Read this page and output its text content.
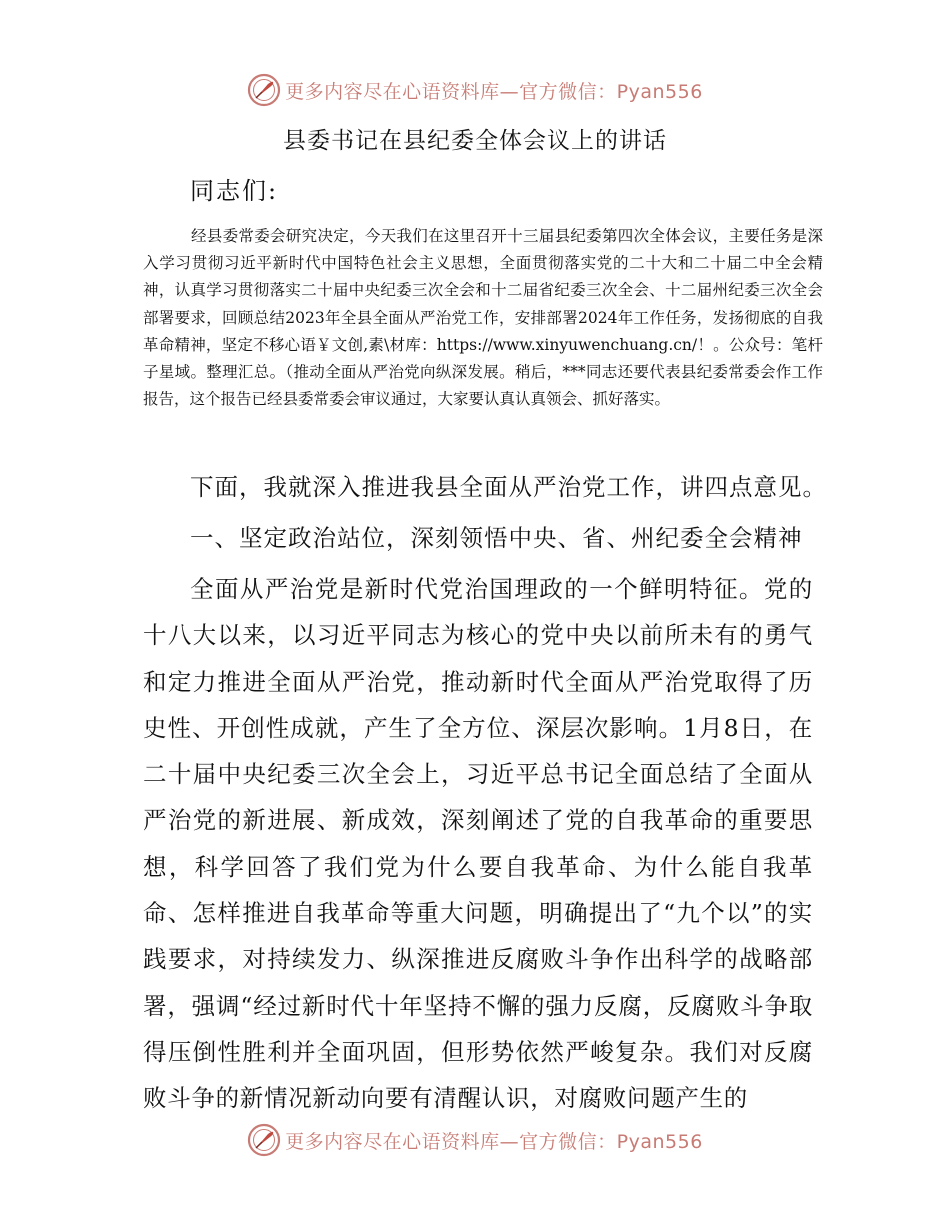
更多内容尽在心语资料库—官方微信：Pyan556
县委书记在县纪委全体会议上的讲话
同志们:

经县委常委会研究决定，今天我们在这里召开十三届县纪委第四次全体会议，主要任务是深入学习贯彻习近平新时代中国特色社会主义思想，全面贯彻落实党的二十大和二十届二中全会精神，认真学习贯彻落实二十届中央纪委三次全会和十二届省纪委三次全会、十二届州纪委三次全会部署要求，回顾总结2023年全县全面从严治党工作，安排部署2024年工作任务，发扬彻底的自我革命精神，坚定不移心语￥文创,素\材库：https://www.xinyuwenchuang.cn/！。公众号：笔杆子星域。整理汇总。（推动全面从严治党向纵深发展。稍后，***同志还要代表县纪委常委会作工作报告，这个报告已经县委常委会审议通过，大家要认真认真领会、抓好落实。

下面，我就深入推进我县全面从严治党工作，讲四点意见。

一、坚定政治站位，深刻领悟中央、省、州纪委全会精神

全面从严治党是新时代党治国理政的一个鲜明特征。党的十八大以来，以习近平同志为核心的党中央以前所未有的勇气和定力推进全面从严治党，推动新时代全面从严治党取得了历史性、开创性成就，产生了全方位、深层次影响。1月8日，在二十届中央纪委三次全会上，习近平总书记全面总结了全面从严治党的新进展、新成效，深刻阐述了党的自我革命的重要思想，科学回答了我们党为什么要自我革命、为什么能自我革命、怎样推进自我革命等重大问题，明确提出了“九个以”的实践要求，对持续发力、纵深推进反腐败斗争作出科学的战略部署，强调“经过新时代十年坚持不懈的强力反腐，反腐败斗争取得压倒性胜利并全面巩固，但形势依然严峻复杂。我们对反腐败斗争的新情况新动向要有清醒认识，对腐败问题产生的

更多内容尽在心语资料库—官方微信：Pyan556
